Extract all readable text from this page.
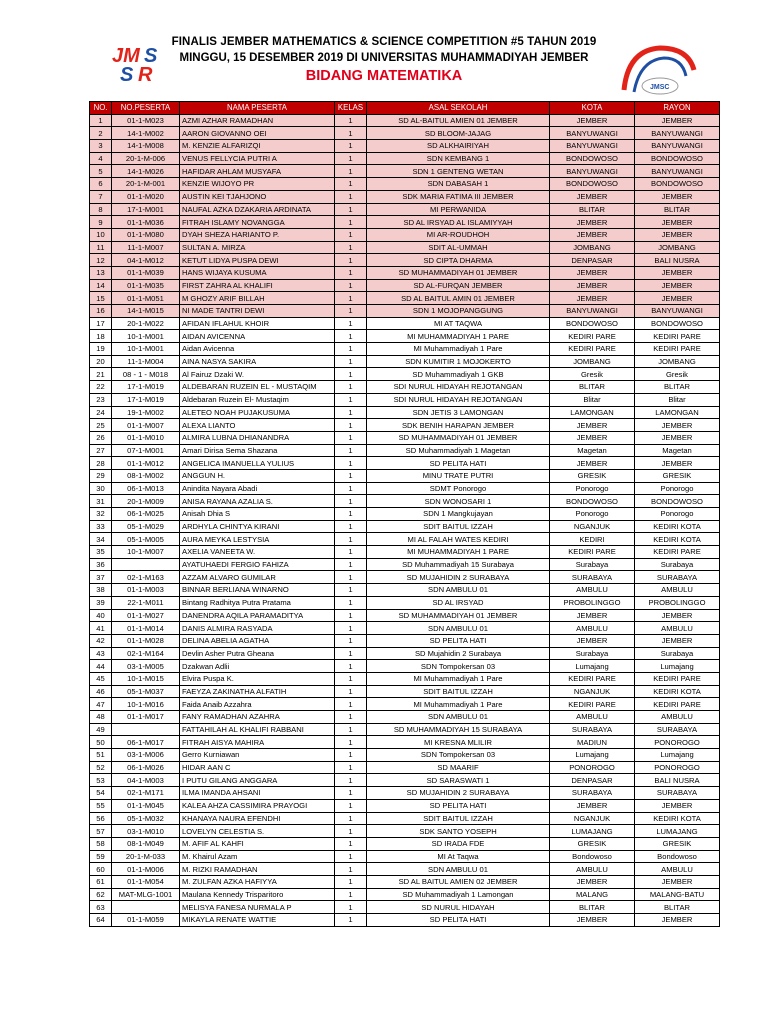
JM S
S R
JMSC
FINALIS JEMBER MATHEMATICS & SCIENCE COMPETITION #5 TAHUN 2019
MINGGU, 15 DESEMBER 2019 DI UNIVERSITAS MUHAMMADIYAH JEMBER
BIDANG MATEMATIKA
NO.	NO.PESERTA	NAMA PESERTA	KELAS	ASAL SEKOLAH	KOTA	RAYON
1	01-1-M023	AZMI AZHAR RAMADHAN	1	SD AL-BAITUL AMIEN 01 JEMBER	JEMBER	JEMBER
2	14-1-M002	AARON GIOVANNO OEI	1	SD BLOOM-JAJAG	BANYUWANGI	BANYUWANGI
3	14-1-M008	M. KENZIE ALFARIZQI	1	SD ALKHAIRIYAH	BANYUWANGI	BANYUWANGI
4	20-1-M-006	VENUS FELLYCIA PUTRI A	1	SDN KEMBANG 1	BONDOWOSO	BONDOWOSO
5	14-1-M026	HAFIDAR AHLAM MUSYAFA	1	SDN 1 GENTENG WETAN	BANYUWANGI	BANYUWANGI
6	20-1-M-001	KENZIE WIJOYO PR	1	SDN DABASAH 1	BONDOWOSO	BONDOWOSO
7	01-1-M020	AUSTIN KEI TJAHJONO	1	SDK MARIA FATIMA III JEMBER	JEMBER	JEMBER
8	17-1-M001	NAUFAL AZKA DZAKARIA ARDINATA	1	MI PERWANIDA	BLITAR	BLITAR
9	01-1-M036	FITRAH ISLAMY NOVANGGA	1	SD AL IRSYAD AL ISLAMIYYAH	JEMBER	JEMBER
10	01-1-M080	DYAH SHEZA HARIANTO P.	1	MI AR-ROUDHOH	JEMBER	JEMBER
11	11-1-M007	SULTAN A. MIRZA	1	SDIT AL-UMMAH	JOMBANG	JOMBANG
12	04-1-M012	KETUT LIDYA PUSPA DEWI	1	SD CIPTA DHARMA	DENPASAR	BALI NUSRA
13	01-1-M039	HANS WIJAYA KUSUMA	1	SD MUHAMMADIYAH 01 JEMBER	JEMBER	JEMBER
14	01-1-M035	FIRST ZAHRA AL KHALIFI	1	SD AL-FURQAN JEMBER	JEMBER	JEMBER
15	01-1-M051	M GHOZY ARIF BILLAH	1	SD AL BAITUL AMIN 01 JEMBER	JEMBER	JEMBER
16	14-1-M015	NI MADE TANTRI DEWI	1	SDN 1 MOJOPANGGUNG	BANYUWANGI	BANYUWANGI
17	20-1-M022	AFIDAN IFLAHUL KHOIR	1	MI AT TAQWA	BONDOWOSO	BONDOWOSO
18	10-1-M001	AIDAN AVICENNA	1	MI MUHAMMADIYAH 1 PARE	KEDIRI PARE	KEDIRI PARE
19	10-1-M001	Aidan Avicenna	1	MI Muhammadiyah 1 Pare	KEDIRI PARE	KEDIRI PARE
20	11-1-M004	AINA NASYA SAKIRA	1	SDN KUMITIR 1 MOJOKERTO	JOMBANG	JOMBANG
21	08 - 1 - M018	Al Fairuz Dzaki W.	1	SD Muhammadiyah 1 GKB	Gresik	Gresik
22	17-1-M019	ALDEBARAN RUZEIN EL - MUSTAQIM	1	SDI NURUL HIDAYAH REJOTANGAN	BLITAR	BLITAR
23	17-1-M019	Aldebaran Ruzein El- Mustaqim	1	SDI NURUL HIDAYAH REJOTANGAN	Blitar	Blitar
24	19-1-M002	ALETEO NOAH PUJAKUSUMA	1	SDN JETIS 3 LAMONGAN	LAMONGAN	LAMONGAN
25	01-1-M007	ALEXA LIANTO	1	SDK BENIH HARAPAN JEMBER	JEMBER	JEMBER
26	01-1-M010	ALMIRA LUBNA DHIANANDRA	1	SD MUHAMMADIYAH 01 JEMBER	JEMBER	JEMBER
27	07-1-M001	Amari Dirisa Sema Shazana	1	SD Muhammadiyah 1 Magetan	Magetan	Magetan
28	01-1-M012	ANGELICA IMANUELLA YULIUS	1	SD PELITA HATI	JEMBER	JEMBER
29	08-1-M002	ANGGUN H.	1	MINU TRATE PUTRI	GRESIK	GRESIK
30	06-1-M013	Anindita Nayara Abadi	1	SDMT Ponorogo	Ponorogo	Ponorogo
31	20-1-M009	ANISA RAYANA AZALIA S.	1	SDN WONOSARI 1	BONDOWOSO	BONDOWOSO
32	06-1-M025	Anisah Dhia S	1	SDN 1 Mangkujayan	Ponorogo	Ponorogo
33	05-1-M029	ARDHYLA CHINTYA KIRANI	1	SDIT BAITUL IZZAH	NGANJUK	KEDIRI KOTA
34	05-1-M005	AURA MEYKA LESTYSIA	1	MI AL FALAH WATES KEDIRI	KEDIRI	KEDIRI KOTA
35	10-1-M007	AXELIA VANEETA W.	1	MI MUHAMMADIYAH 1 PARE	KEDIRI PARE	KEDIRI PARE
36		AYATUHAEDI FERGIO FAHIZA	1	SD Muhammadiyah 15 Surabaya	Surabaya	Surabaya
37	02-1-M163	AZZAM ALVARO GUMILAR	1	SD MUJAHIDIN 2 SURABAYA	SURABAYA	SURABAYA
38	01-1-M003	BINNAR BERLIANA WINARNO	1	SDN AMBULU 01	AMBULU	AMBULU
39	22-1-M011	Bintang Radhitya Putra Pratama	1	SD AL IRSYAD	PROBOLINGGO	PROBOLINGGO
40	01-1-M027	DANENDRA AQILA PARAMADITYA	1	SD MUHAMMADIYAH 01 JEMBER	JEMBER	JEMBER
41	01-1-M014	DANIS ALMIRA RASYADA	1	SDN AMBULU 01	AMBULU	AMBULU
42	01-1-M028	DELINA ABELIA AGATHA	1	SD PELITA HATI	JEMBER	JEMBER
43	02-1-M164	Devlin Asher Putra Gheana	1	SD Mujahidin 2 Surabaya	Surabaya	Surabaya
44	03-1-M005	Dzakwan Adlii	1	SDN Tompokersan 03	Lumajang	Lumajang
45	10-1-M015	Elvira Puspa K.	1	MI Muhammadiyah 1 Pare	KEDIRI PARE	KEDIRI PARE
46	05-1-M037	FAEYZA ZAKINATHA ALFATIH	1	SDIT BAITUL IZZAH	NGANJUK	KEDIRI KOTA
47	10-1-M016	Faida Anaib Azzahra	1	MI Muhammadiyah 1 Pare	KEDIRI PARE	KEDIRI PARE
48	01-1-M017	FANY RAMADHAN AZAHRA	1	SDN AMBULU 01	AMBULU	AMBULU
49		FATTAHILAH AL KHALIFI RABBANI	1	SD MUHAMMADIYAH 15 SURABAYA	SURABAYA	SURABAYA
50	06-1-M017	FITRAH AISYA MAHIRA	1	MI KRESNA MLILIR	MADIUN	PONOROGO
51	03-1-M006	Gerro Kurniawan	1	SDN Tompokersan 03	Lumajang	Lumajang
52	06-1-M026	HIDAR AAN C	1	SD MAARIF	PONOROGO	PONOROGO
53	04-1-M003	I PUTU GILANG ANGGARA	1	SD SARASWATI 1	DENPASAR	BALI NUSRA
54	02-1-M171	ILMA IMANDA AHSANI	1	SD MUJAHIDIN 2 SURABAYA	SURABAYA	SURABAYA
55	01-1-M045	KALEA AHZA CASSIMIRA PRAYOGI	1	SD PELITA HATI	JEMBER	JEMBER
56	05-1-M032	KHANAYA NAURA EFENDHI	1	SDIT BAITUL IZZAH	NGANJUK	KEDIRI KOTA
57	03-1-M010	LOVELYN CELESTIA S.	1	SDK SANTO YOSEPH	LUMAJANG	LUMAJANG
58	08-1-M049	M. AFIF AL KAHFI	1	SD IRADA FDE	GRESIK	GRESIK
59	20-1-M-033	M. Khairul Azam	1	MI At Taqwa	Bondowoso	Bondowoso
60	01-1-M006	M. RIZKI RAMADHAN	1	SDN AMBULU 01	AMBULU	AMBULU
61	01-1-M054	M. ZULFAN AZKA HAFIYYA	1	SD AL BAITUL AMIEN 02 JEMBER	JEMBER	JEMBER
62	MAT-MLG-1001	Maulana Kennedy Trisparitoro	1	SD Muhammadiyah 1 Lamongan	MALANG	MALANG-BATU
63		MELISYA FANESA NURMALA P	1	SD NURUL HIDAYAH	BLITAR	BLITAR
64	01-1-M059	MIKAYLA RENATE WATTIE	1	SD PELITA HATI	JEMBER	JEMBER
